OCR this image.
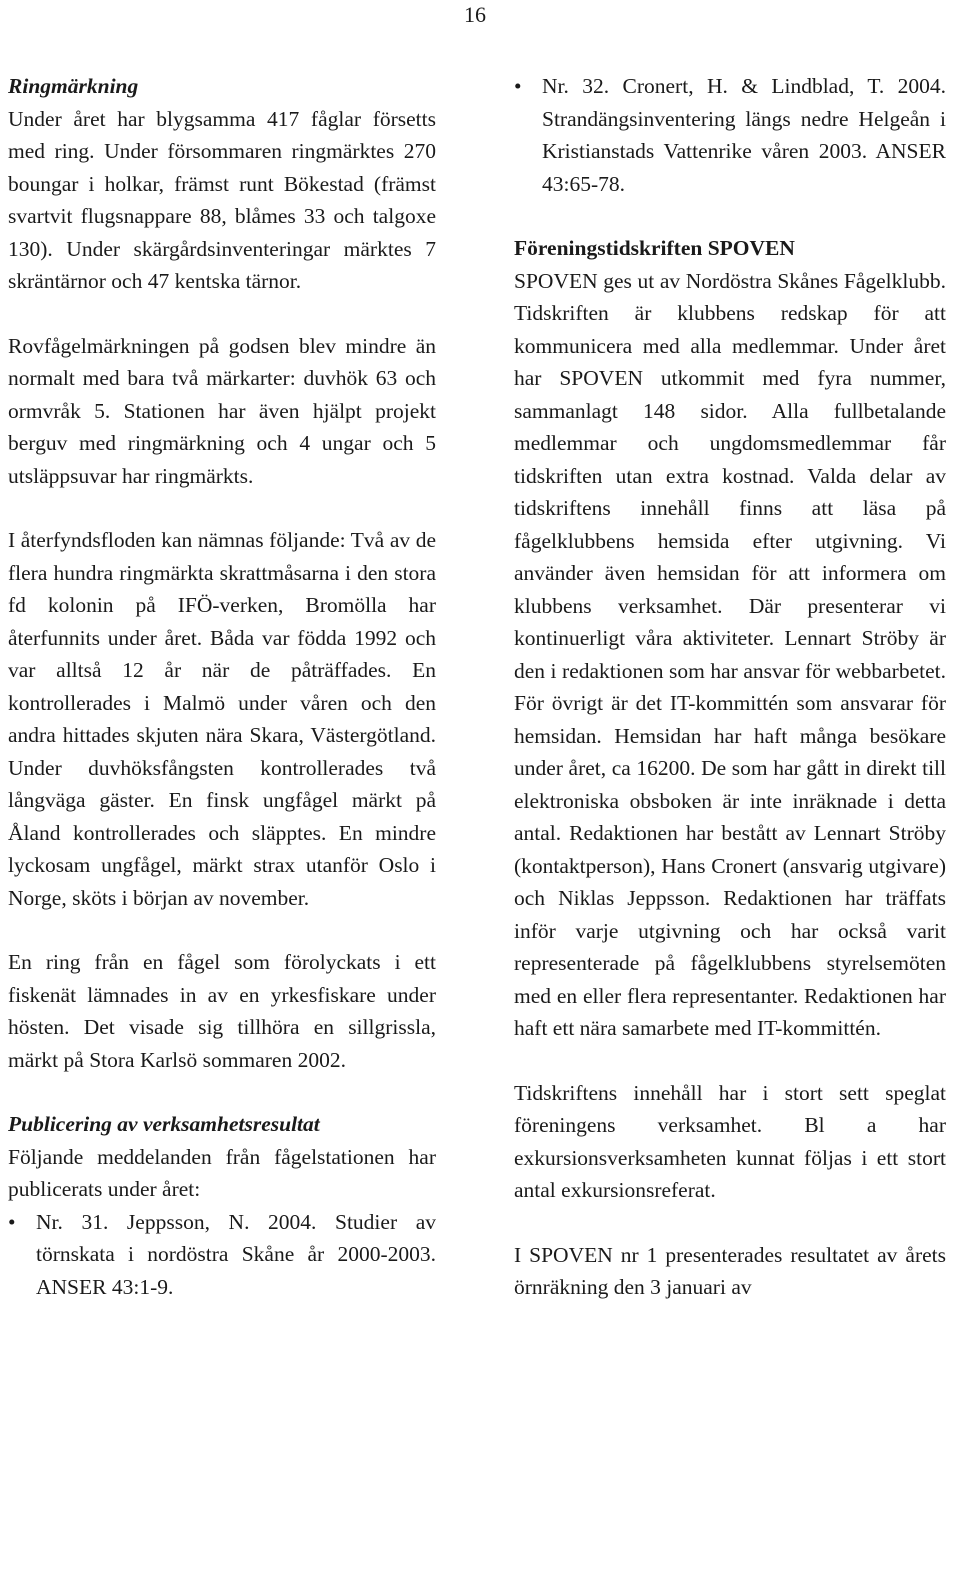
16

Ringmärkning

Under året har blygsamma 417 fåglar försetts med ring. Under försommaren ringmärktes 270 boungar i holkar, främst runt Bökestad (främst svartvit flugsnappare 88, blåmes 33 och talgoxe 130). Under skärgårdsinventeringar märktes 7 skräntärnor och 47 kentska tärnor.

Rovfågelmärkningen på godsen blev mindre än normalt med bara två märkarter: duvhök 63 och ormvråk 5. Stationen har även hjälpt projekt berguv med ringmärkning och 4 ungar och 5 utsläppsuvar har ringmärkts.

I återfyndsfloden kan nämnas följande: Två av de flera hundra ringmärkta skrattmåsarna i den stora fd kolonin på IFÖ-verken, Bromölla har återfunnits under året. Båda var födda 1992 och var alltså 12 år när de påträffades. En kontrollerades i Malmö under våren och den andra hittades skjuten nära Skara, Västergötland. Under duvhöksfångsten kontrollerades två långväga gäster. En finsk ungfågel märkt på Åland kontrollerades och släpptes. En mindre lyckosam ungfågel, märkt strax utanför Oslo i Norge, sköts i början av november.

En ring från en fågel som förolyckats i ett fiskenät lämnades in av en yrkesfiskare under hösten. Det visade sig tillhöra en sillgrissla, märkt på Stora Karlsö sommaren 2002.

Publicering av verksamhetsresultat

Följande meddelanden från fågelstationen har publicerats under året:

• Nr. 31. Jeppsson, N. 2004. Studier av törnskata i nordöstra Skåne år 2000-2003. ANSER 43:1-9.

• Nr. 32. Cronert, H. & Lindblad, T. 2004. Strandängsinventering längs nedre Helgeån i Kristianstads Vattenrike våren 2003. ANSER 43:65-78.

Föreningstidskriften SPOVEN

SPOVEN ges ut av Nordöstra Skånes Fågelklubb. Tidskriften är klubbens redskap för att kommunicera med alla medlemmar. Under året har SPOVEN utkommit med fyra nummer, sammanlagt 148 sidor. Alla fullbetalande medlemmar och ungdomsmedlemmar får tidskriften utan extra kostnad. Valda delar av tidskriftens innehåll finns att läsa på fågelklubbens hemsida efter utgivning. Vi använder även hemsidan för att informera om klubbens verksamhet. Där presenterar vi kontinuerligt våra aktiviteter. Lennart Ströby är den i redaktionen som har ansvar för webbarbetet. För övrigt är det IT-kommittén som ansvarar för hemsidan. Hemsidan har haft många besökare under året, ca 16200. De som har gått in direkt till elektroniska obsboken är inte inräknade i detta antal. Redaktionen har bestått av Lennart Ströby (kontaktperson), Hans Cronert (ansvarig utgivare) och Niklas Jeppsson. Redaktionen har träffats inför varje utgivning och har också varit representerade på fågelklubbens styrelsemöten med en eller flera representanter. Redaktionen har haft ett nära samarbete med IT-kommittén.

Tidskriftens innehåll har i stort sett speglat föreningens verksamhet. Bl a har exkursionsverksamheten kunnat följas i ett stort antal exkursionsreferat.

I SPOVEN nr 1 presenterades resultatet av årets örnräkning den 3 januari av
